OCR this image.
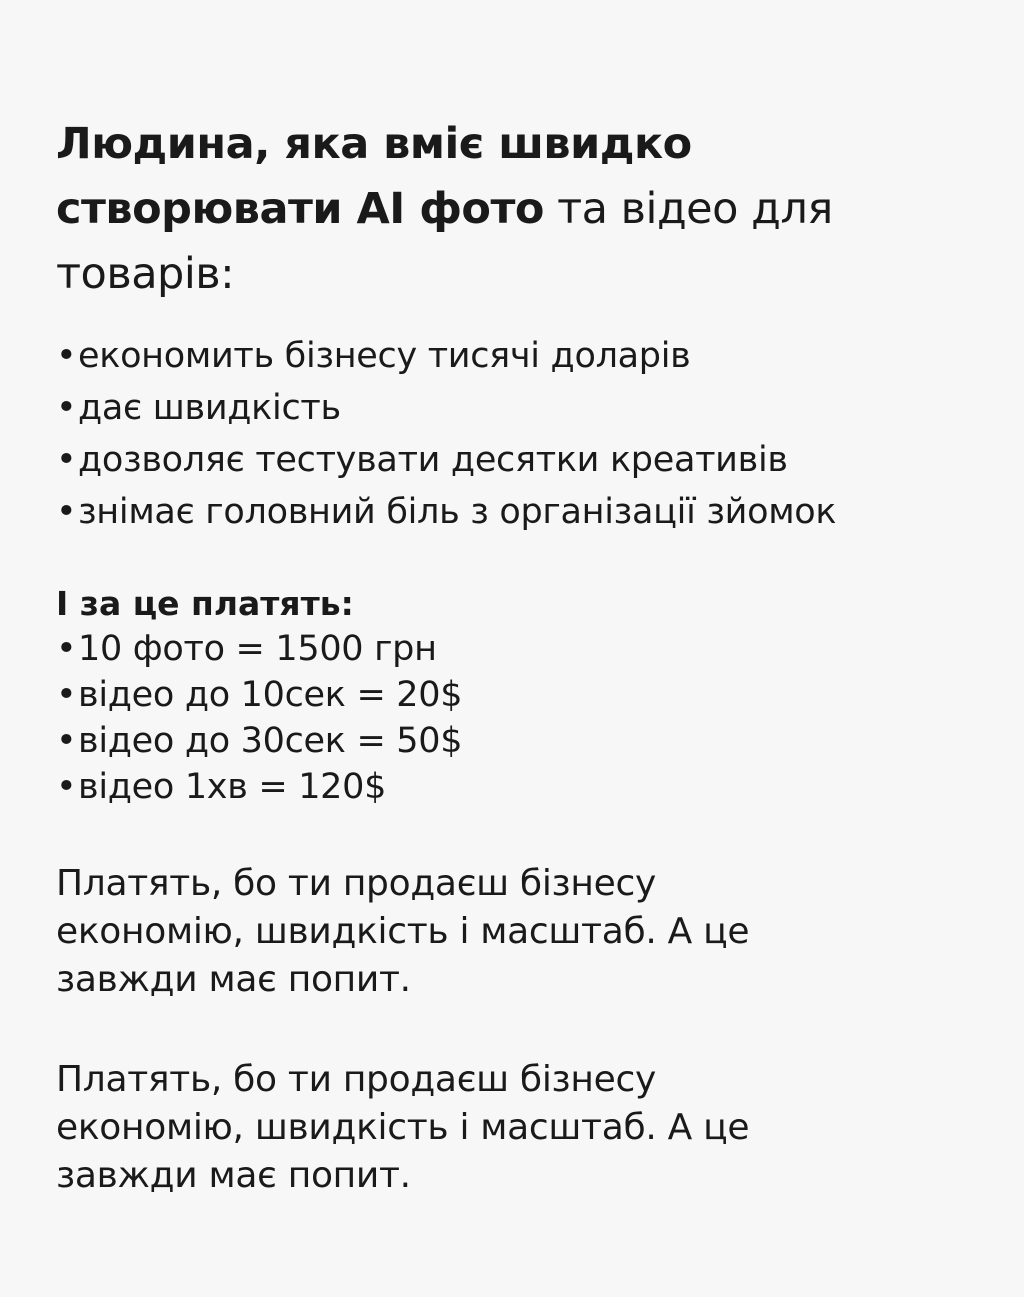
Людина, яка вміє швидко
створювати AI фото та відео для
товарів:
•економить бізнесу тисячі доларів
•дає швидкість
•дозволяє тестувати десятки креативів
•знімає головний біль з організації зйомок
І за це платять:
•10 фото = 1500 грн
•відео до 10сек = 20$
•відео до 30сек = 50$
•відео 1хв = 120$

Платять, бо ти продаєш бізнесу
економію, швидкість і масштаб. А це
завжди має попит.

Платять, бо ти продаєш бізнесу
економію, швидкість і масштаб. А це
завжди має попит.
